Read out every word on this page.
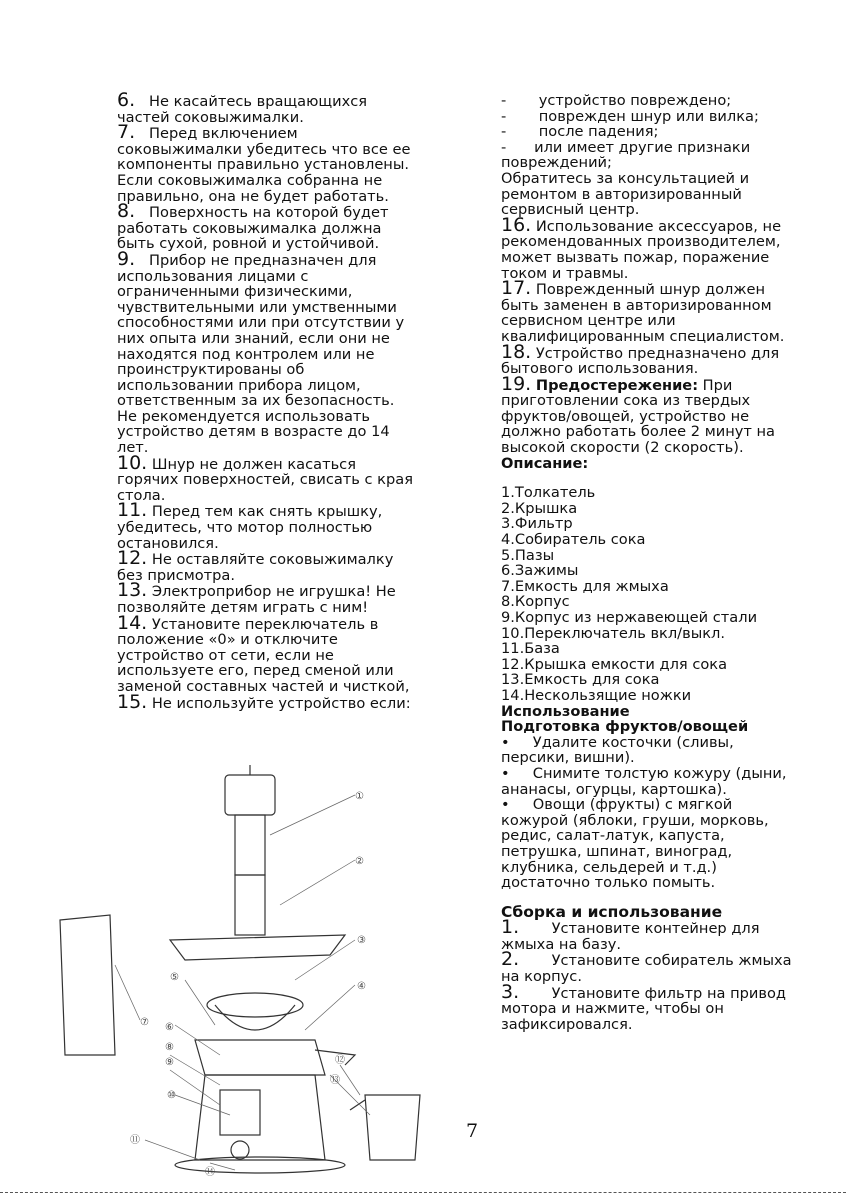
6.   Не касайтесь вращающихся частей соковыжималки.

7.   Перед включением соковыжималки убедитесь что все ее компоненты правильно установлены. Если соковыжималка собранна не правильно, она не будет работать.

8.   Поверхность на которой будет работать соковыжималка должна быть сухой, ровной и устойчивой.

9.   Прибор не предназначен для использования лицами с ограниченными физическими, чувствительными или умственными способностями или при отсутствии у них опыта или знаний, если они не находятся под контролем или не проинструктированы об использовании прибора лицом, ответственным за их безопасность. Не рекомендуется использовать устройство детям в возрасте до 14 лет.

10. Шнур не должен касаться горячих поверхностей, свисать с края стола.

11. Перед тем как снять крышку, убедитесь, что мотор полностью остановился.

12. Не оставляйте соковыжималку без присмотра.

13. Электроприбор не игрушка! Не позволяйте детям играть с ним!

14. Установите переключатель в положение «0» и отключите устройство от сети, если не используете его, перед сменой или заменой составных частей и чисткой,

15. Не используйте устройство если:

-       устройство повреждено;

-       поврежден шнур или вилка;

-       после падения;

-      или имеет другие признаки повреждений;

Обратитесь за консультацией и ремонтом в авторизированный сервисный центр.

16. Использование аксессуаров, не рекомендованных производителем, может вызвать пожар, поражение током и травмы.

17. Поврежденный шнур должен быть заменен в авторизированном сервисном центре или квалифицированным специалистом.

18. Устройство предназначено для бытового использования.

19. Предостережение: При приготовлении сока из твердых фруктов/овощей, устройство не должно работать более 2 минут на высокой скорости (2 скорость).

Описание:

1.Толкатель

2.Крышка

3.Фильтр

4.Собиратель сока

5.Пазы

6.Зажимы

7.Емкость для жмыха

8.Корпус

9.Корпус из нержавеющей стали

10.Переключатель вкл/выкл.

11.База

12.Крышка емкости для сока

13.Емкость для сока

14.Нескользящие ножки

Использование

Подготовка фруктов/овощей

•     Удалите косточки (сливы, персики, вишни).

•     Снимите толстую кожуру (дыни, ананасы, огурцы, картошка).

•     Овощи (фрукты) с мягкой кожурой (яблоки, груши, морковь, редис, салат-латук, капуста, петрушка, шпинат, виноград, клубника, сельдерей и т.д.) достаточно только помыть.

Сборка и использование

1.       Установите контейнер для жмыха на базу.

2.       Установите собиратель жмыха на корпус.

3.       Установите фильтр на привод мотора и нажмите, чтобы он зафиксировался.

①
②
③
④
⑤
⑥
⑦
⑧
⑨
⑩
⑪
⑫
⑬
⑭
7
